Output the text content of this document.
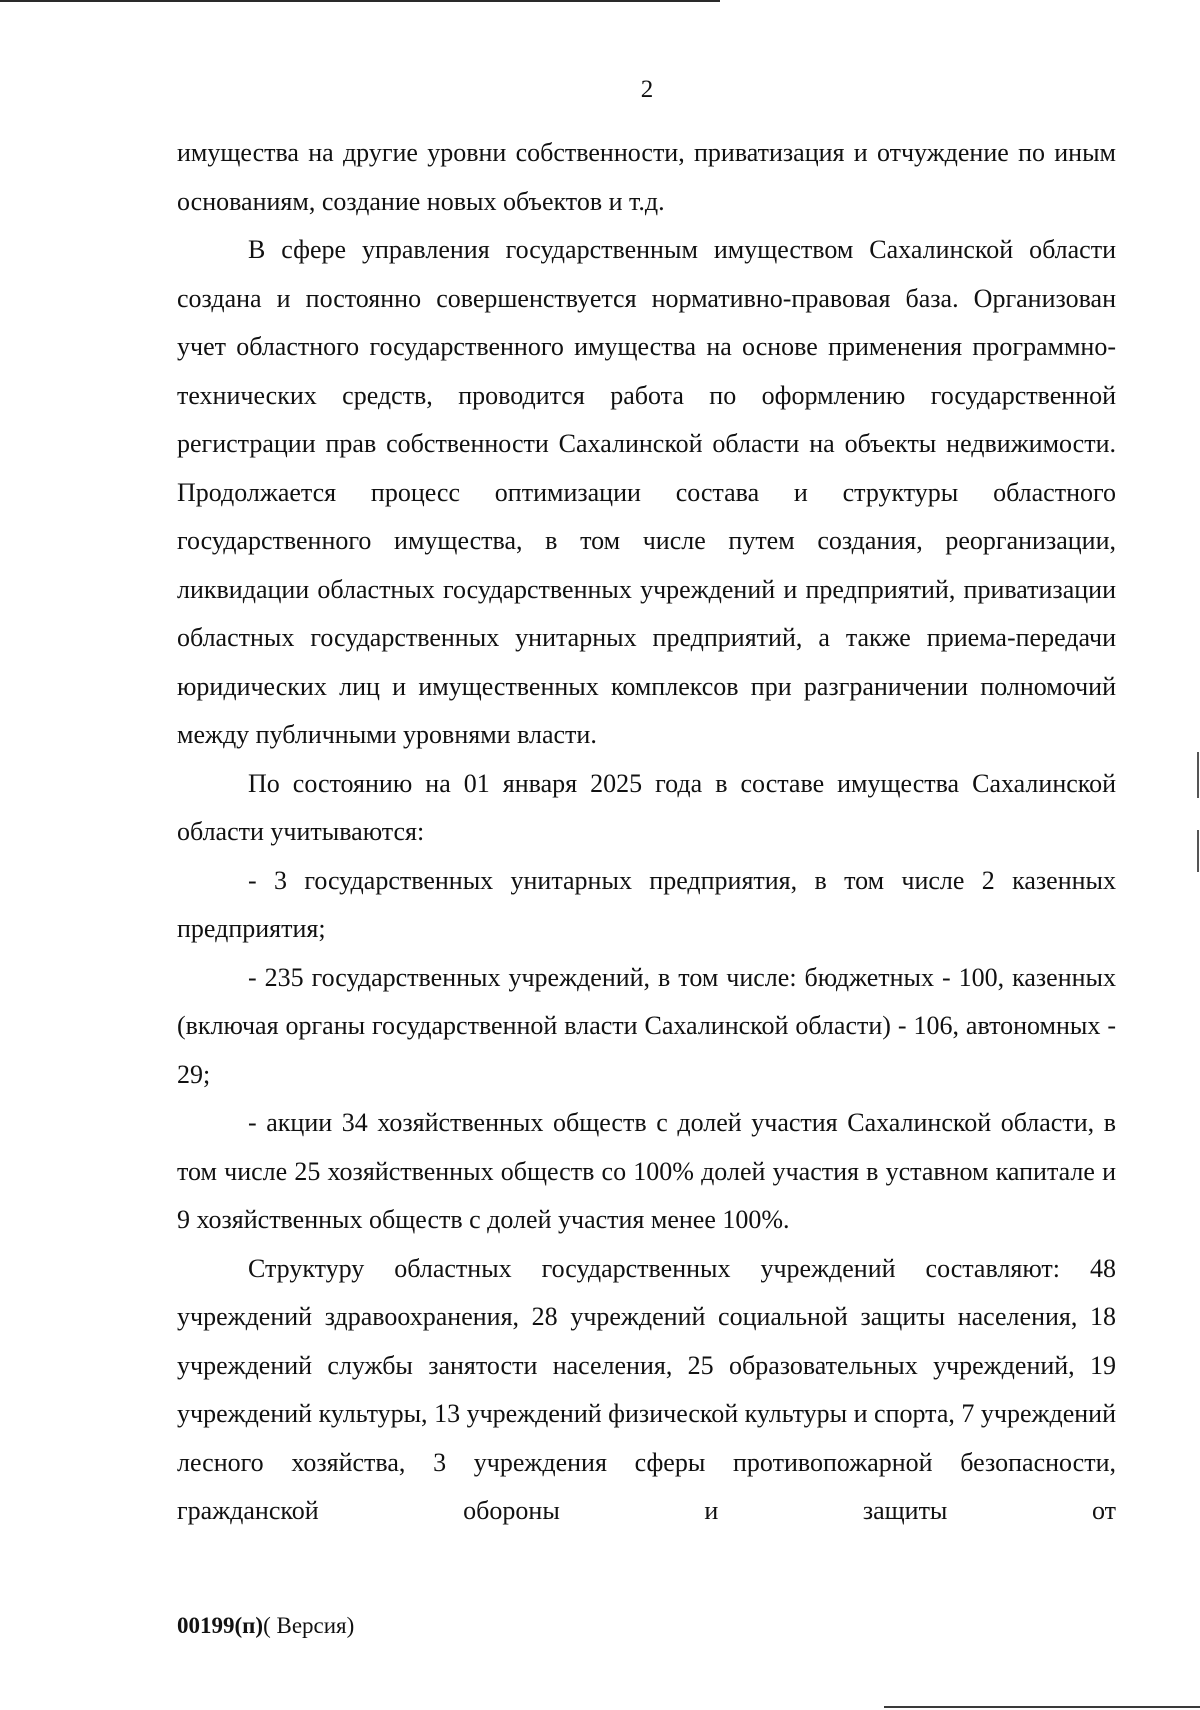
2

имущества на другие уровни собственности, приватизация и отчуждение по иным основаниям, создание новых объектов и т.д.

В сфере управления государственным имуществом Сахалинской области создана и постоянно совершенствуется нормативно-правовая база. Организован учет областного государственного имущества на основе применения программно-технических средств, проводится работа по оформлению государственной регистрации прав собственности Сахалинской области на объекты недвижимости. Продолжается процесс оптимизации состава и структуры областного государственного имущества, в том числе путем создания, реорганизации, ликвидации областных государственных учреждений и предприятий, приватизации областных государственных унитарных предприятий, а также приема-передачи юридических лиц и имущественных комплексов при разграничении полномочий между публичными уровнями власти.

По состоянию на 01 января 2025 года в составе имущества Сахалинской области учитываются:

- 3 государственных унитарных предприятия, в том числе 2 казенных предприятия;

- 235 государственных учреждений, в том числе: бюджетных - 100, казенных (включая органы государственной власти Сахалинской области) - 106, автономных - 29;

- акции 34 хозяйственных обществ с долей участия Сахалинской области, в том числе 25 хозяйственных обществ со 100% долей участия в уставном капитале и 9 хозяйственных обществ с долей участия менее 100%.

Структуру областных государственных учреждений составляют: 48 учреждений здравоохранения, 28 учреждений социальной защиты населения, 18 учреждений службы занятости населения, 25 образовательных учреждений, 19 учреждений культуры, 13 учреждений физической культуры и спорта, 7 учреждений лесного хозяйства, 3 учреждения сферы противопожарной безопасности, гражданской обороны и защиты от

00199(п)( Версия)
